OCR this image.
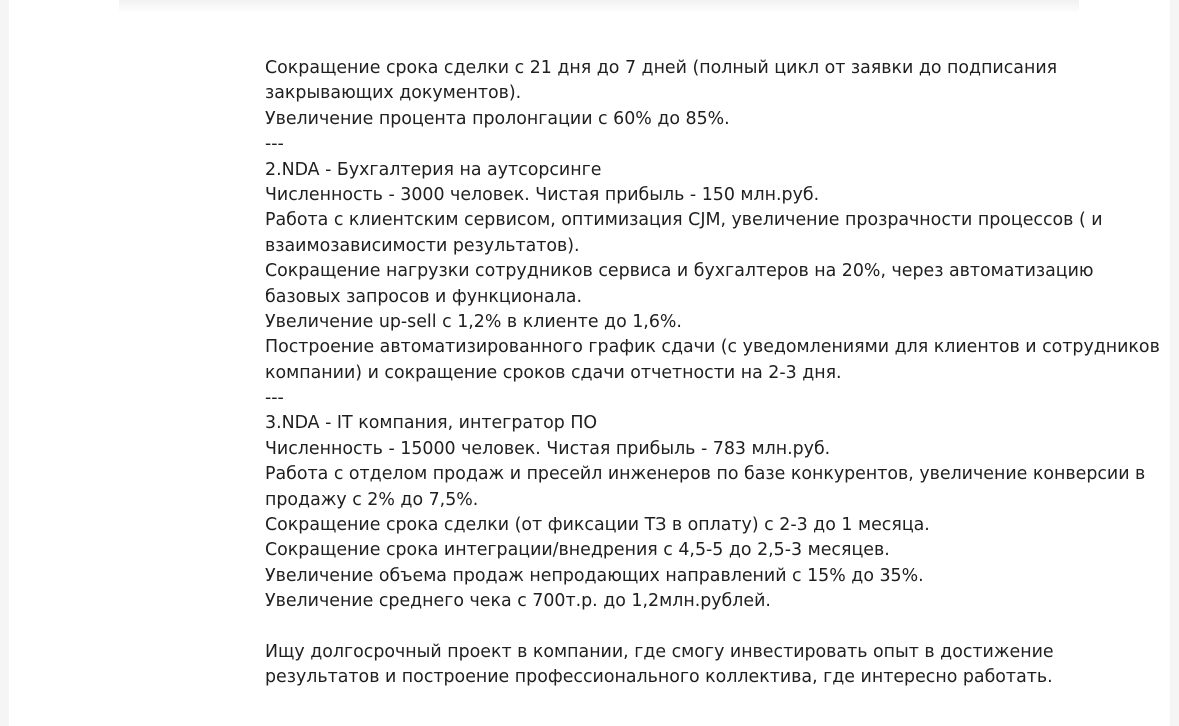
Сокращение срока сделки с 21 дня до 7 дней (полный цикл от заявки до подписания
закрывающих документов).
Увеличение процента пролонгации с 60% до 85%.
---
2.NDA - Бухгалтерия на аутсорсинге
Численность - 3000 человек. Чистая прибыль - 150 млн.руб.
Работа с клиентским сервисом, оптимизация CJM, увеличение прозрачности процессов ( и
взаимозависимости результатов).
Сокращение нагрузки сотрудников сервиса и бухгалтеров на 20%, через автоматизацию
базовых запросов и функционала.
Увеличение up-sell с 1,2% в клиенте до 1,6%.
Построение автоматизированного график сдачи (с уведомлениями для клиентов и сотрудников
компании) и сокращение сроков сдачи отчетности на 2-3 дня.
---
3.NDA - IT компания, интегратор ПО
Численность - 15000 человек. Чистая прибыль - 783 млн.руб.
Работа с отделом продаж и пресейл инженеров по базе конкурентов, увеличение конверсии в
продажу с 2% до 7,5%.
Сокращение срока сделки (от фиксации ТЗ в оплату) с 2-3 до 1 месяца.
Сокращение срока интеграции/внедрения с 4,5-5 до 2,5-3 месяцев.
Увеличение объема продаж непродающих направлений с 15% до 35%.
Увеличение среднего чека с 700т.р. до 1,2млн.рублей.
Ищу долгосрочный проект в компании, где смогу инвестировать опыт в достижение
результатов и построение профессионального коллектива, где интересно работать.
